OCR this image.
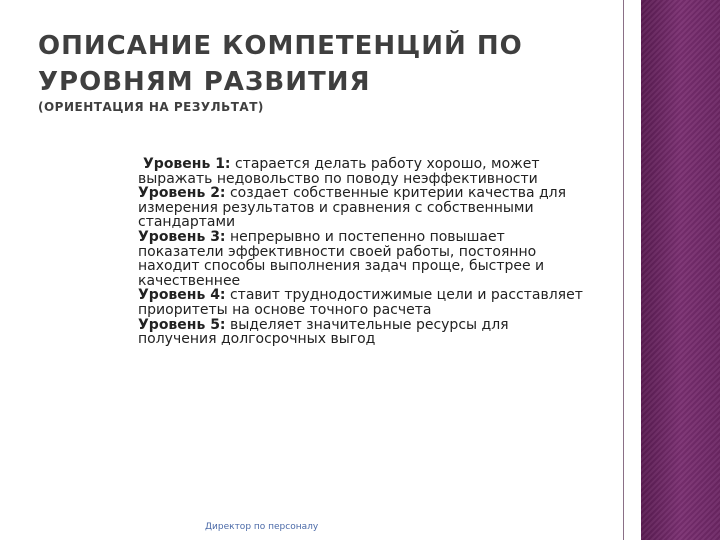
ОПИСАНИЕ КОМПЕТЕНЦИЙ ПО
УРОВНЯМ РАЗВИТИЯ
(ОРИЕНТАЦИЯ НА РЕЗУЛЬТАТ)
Уровень 1: старается делать работу хорошо, может выражать недовольство по поводу неэффективности
Уровень 2: создает собственные критерии качества для измерения результатов и сравнения с собственными стандартами
Уровень 3: непрерывно и постепенно повышает показатели эффективности своей работы, постоянно находит способы выполнения задач проще, быстрее и качественнее
Уровень 4: ставит труднодостижимые цели и расставляет приоритеты на основе точного расчета
Уровень 5: выделяет значительные ресурсы для получения долгосрочных выгод
Директор по персоналу
